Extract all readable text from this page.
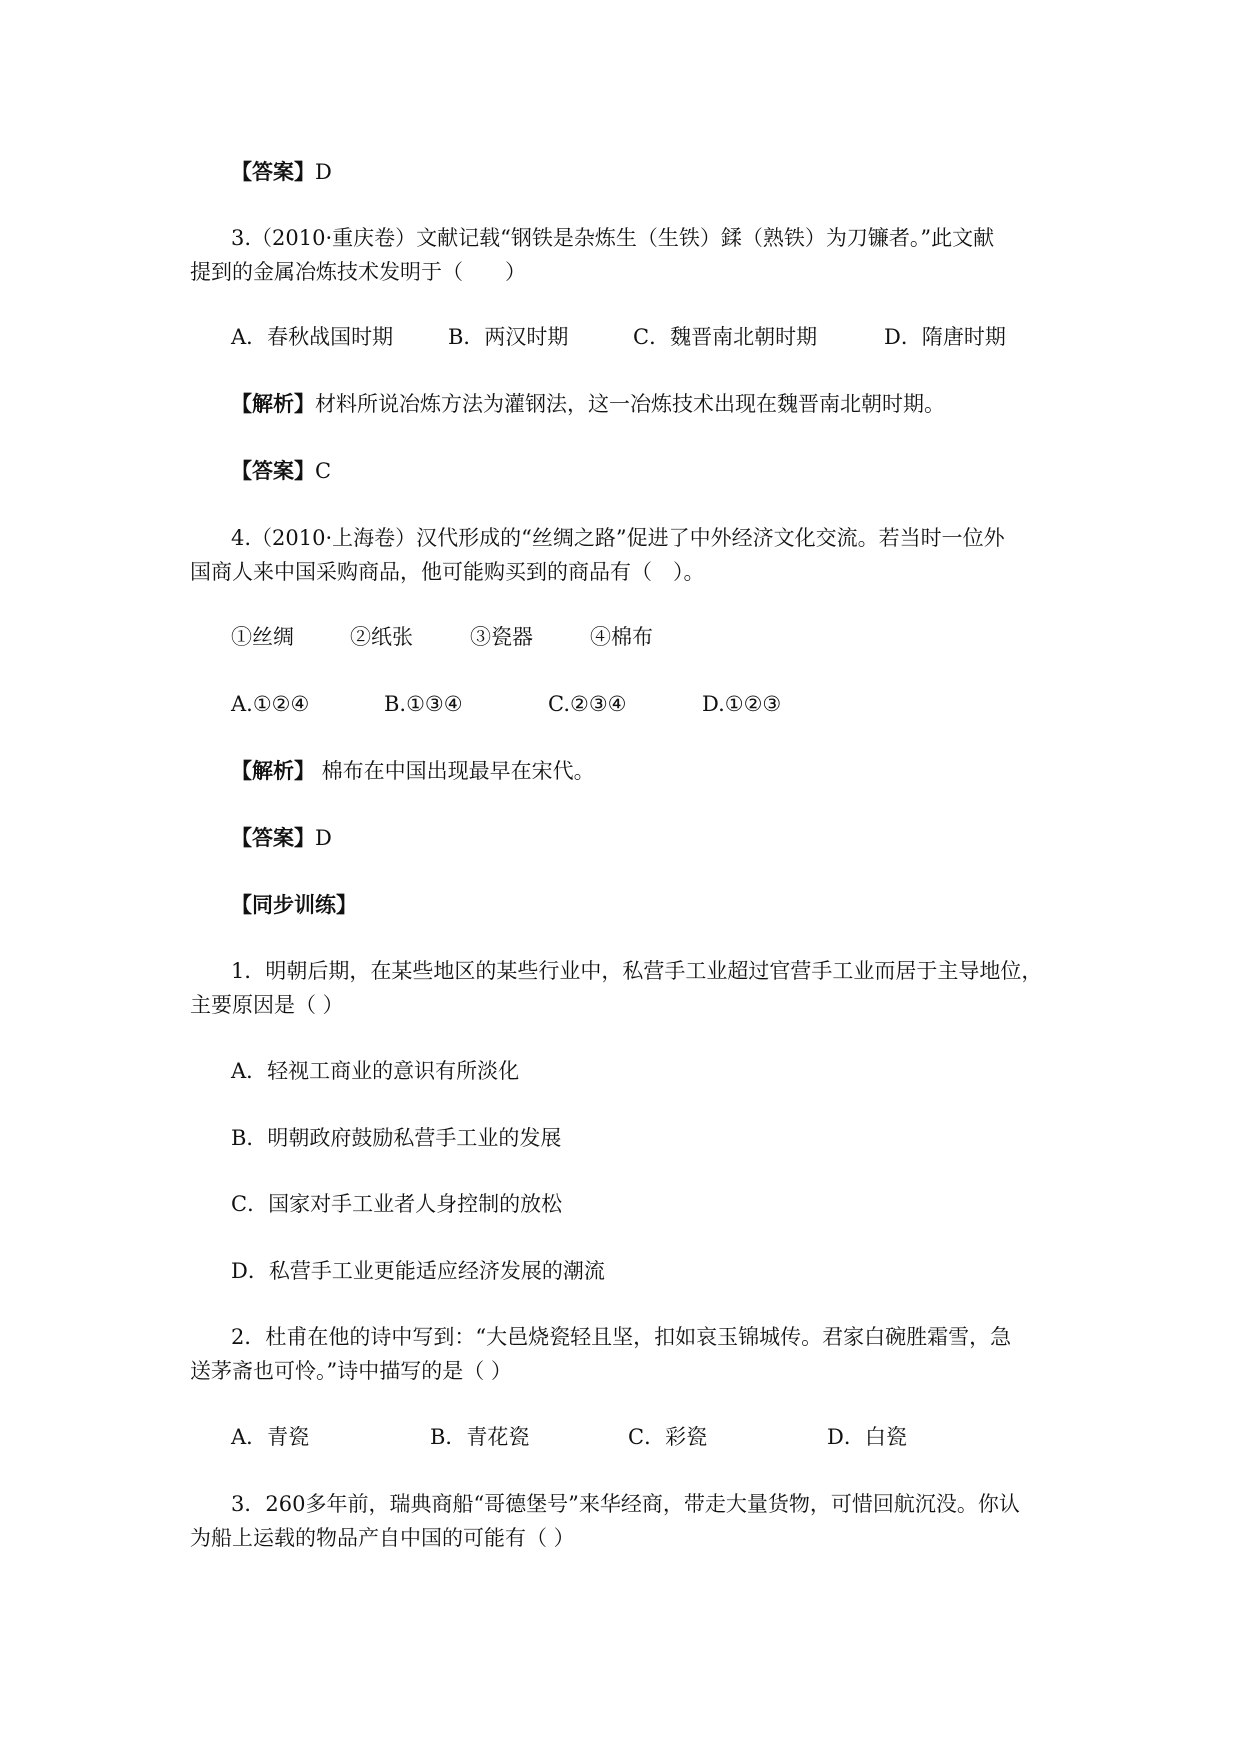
【答案】D
3.（2010·重庆卷）文献记载“钢铁是杂炼生（生铁）鍒（熟铁）为刀镰者。”此文献
提到的金属冶炼技术发明于（　　）
A．春秋战国时期	B．两汉时期	C．魏晋南北朝时期	D．隋唐时期
【解析】材料所说冶炼方法为灌钢法，这一冶炼技术出现在魏晋南北朝时期。
【答案】C
4.（2010·上海卷）汉代形成的“丝绸之路”促进了中外经济文化交流。若当时一位外
国商人来中国采购商品，他可能购买到的商品有（　）。
①丝绸	②纸张	③瓷器	④棉布
A.①②④	B.①③④	C.②③④	D.①②③
【解析】 棉布在中国出现最早在宋代。
【答案】D
【同步训练】
1．明朝后期，在某些地区的某些行业中，私营手工业超过官营手工业而居于主导地位，
主要原因是（ ）
A．轻视工商业的意识有所淡化
B．明朝政府鼓励私营手工业的发展
C．国家对手工业者人身控制的放松
D．私营手工业更能适应经济发展的潮流
2．杜甫在他的诗中写到：“大邑烧瓷轻且坚，扣如哀玉锦城传。君家白碗胜霜雪，急
送茅斋也可怜。”诗中描写的是（ ）
A．青瓷	B．青花瓷	C．彩瓷	D．白瓷
3．260多年前，瑞典商船“哥德堡号”来华经商，带走大量货物，可惜回航沉没。你认
为船上运载的物品产自中国的可能有（ ）
